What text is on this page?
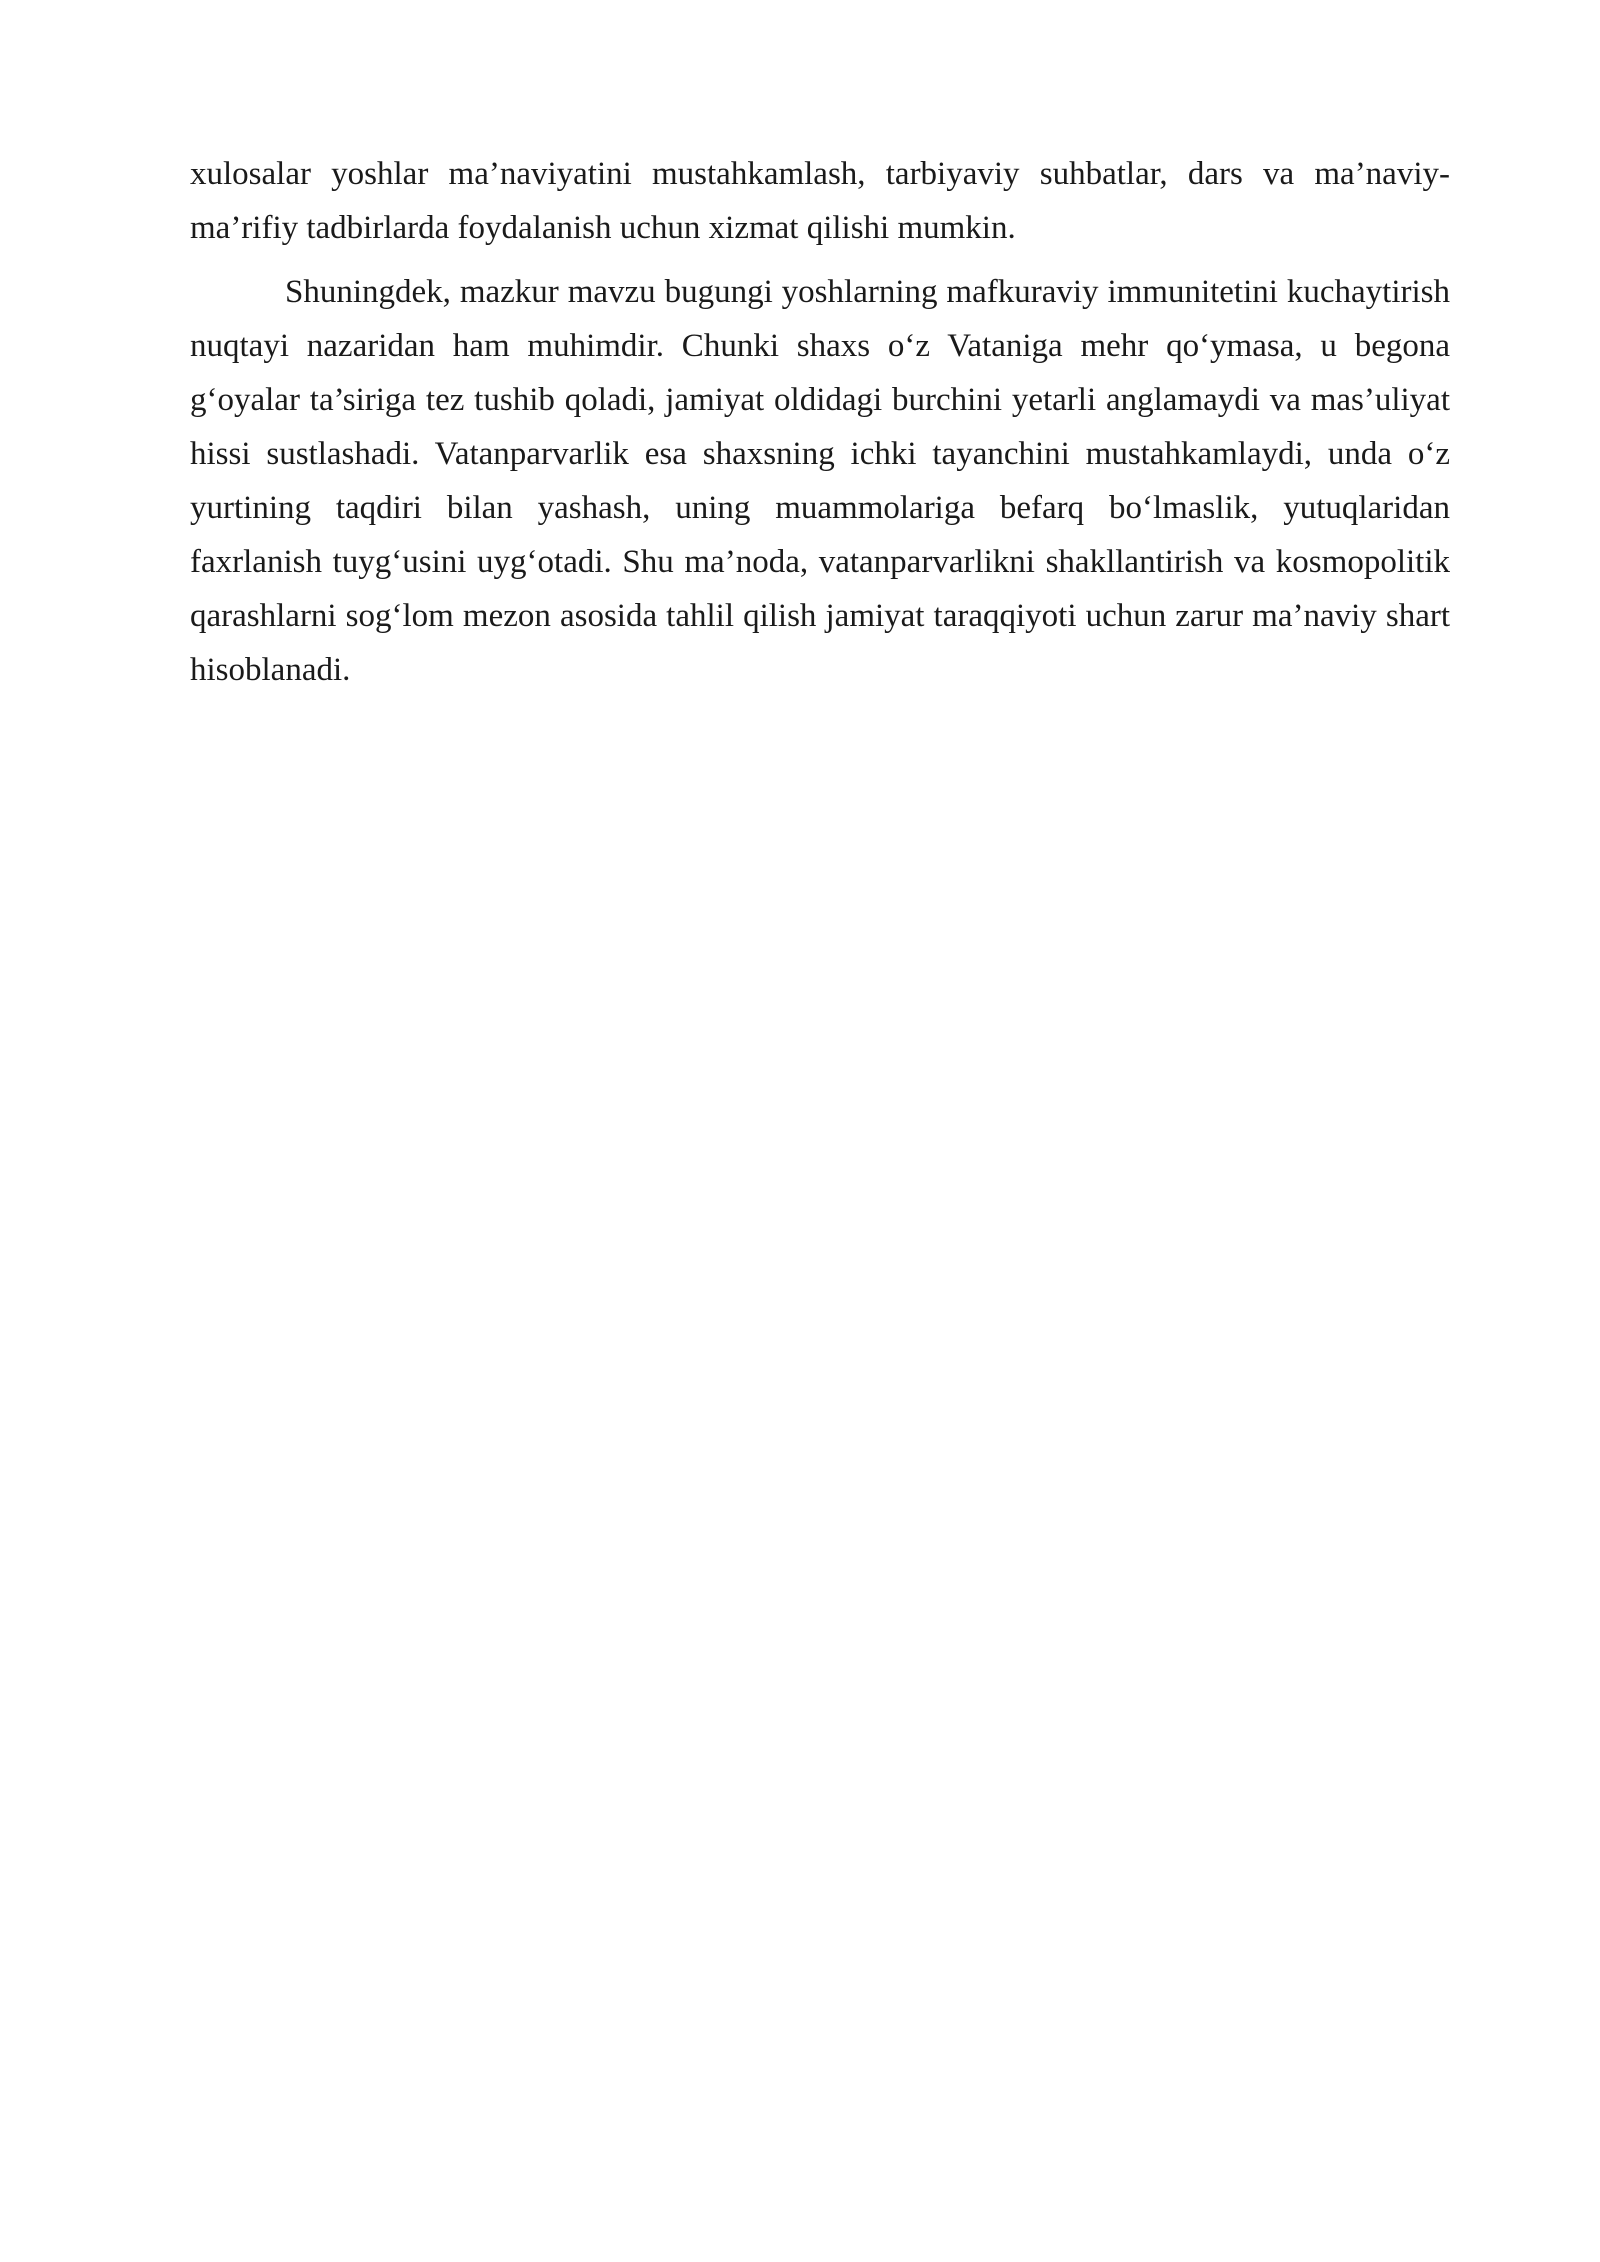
xulosalar yoshlar ma’naviyatini mustahkamlash, tarbiyaviy suhbatlar, dars va ma’naviy-ma’rifiy tadbirlarda foydalanish uchun xizmat qilishi mumkin.

Shuningdek, mazkur mavzu bugungi yoshlarning mafkuraviy immunitetini kuchaytirish nuqtayi nazaridan ham muhimdir. Chunki shaxs o‘z Vataniga mehr qo‘ymasa, u begona g‘oyalar ta’siriga tez tushib qoladi, jamiyat oldidagi burchini yetarli anglamaydi va mas’uliyat hissi sustlashadi. Vatanparvarlik esa shaxsning ichki tayanchini mustahkamlaydi, unda o‘z yurtining taqdiri bilan yashash, uning muammolariga befarq bo‘lmaslik, yutuqlaridan faxrlanish tuyg‘usini uyg‘otadi. Shu ma’noda, vatanparvarlikni shakllantirish va kosmopolitik qarashlarni sog‘lom mezon asosida tahlil qilish jamiyat taraqqiyoti uchun zarur ma’naviy shart hisoblanadi.
